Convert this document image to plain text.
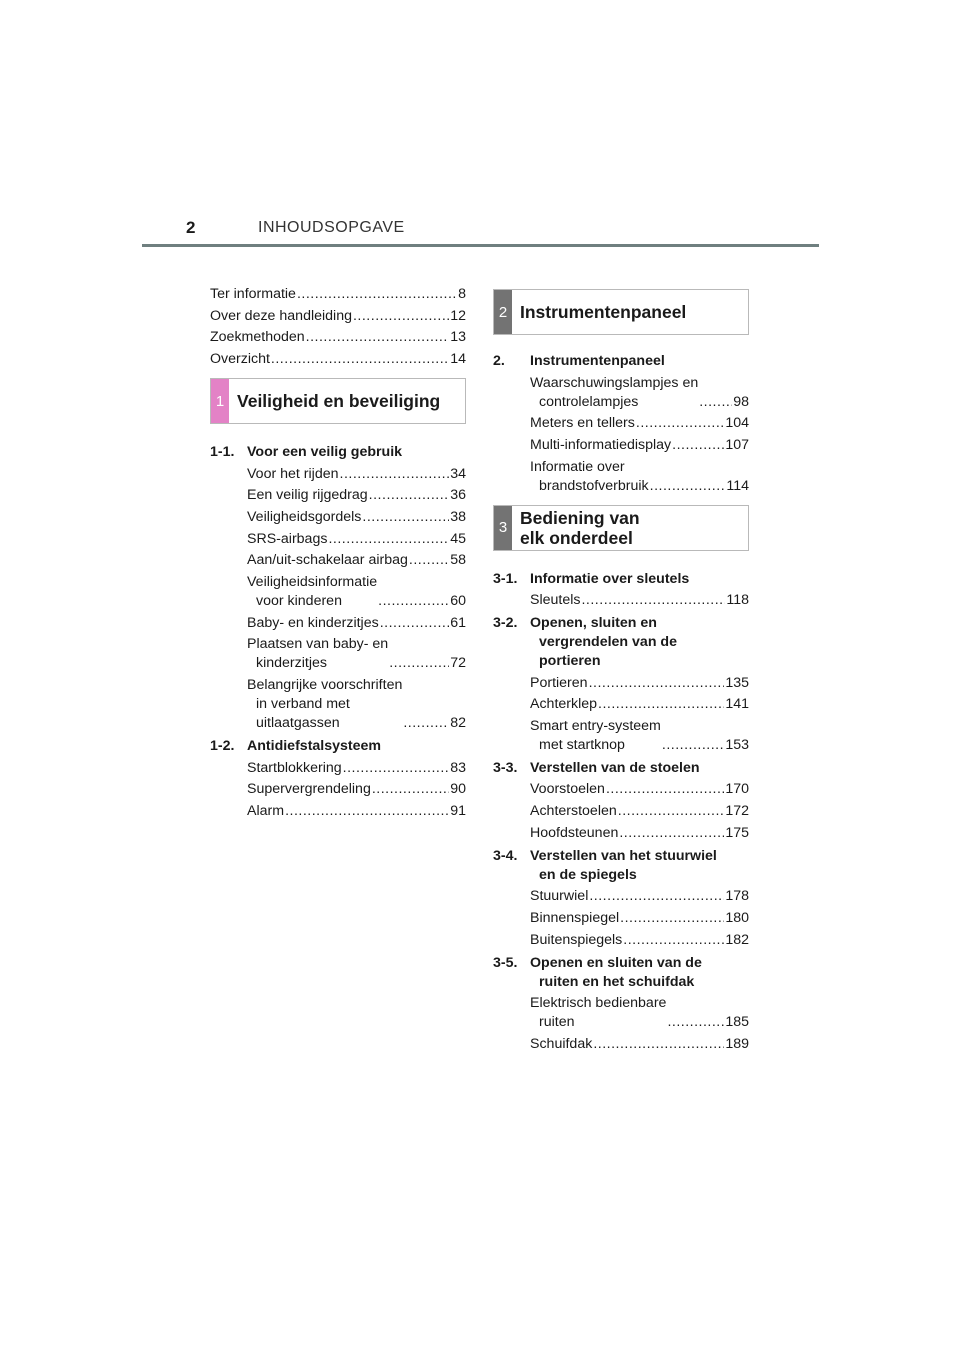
2	INHOUDSOPGAVE
Ter informatie .....	8
Over deze handleiding .....	12
Zoekmethoden .....	13
Overzicht .....	14
1 Veiligheid en beveiliging
1-1. Voor een veilig gebruik
Voor het rijden .....	34
Een veilig rijgedrag .....	36
Veiligheidsgordels .....	38
SRS-airbags .....	45
Aan/uit-schakelaar airbag .....	58
Veiligheidsinformatie
voor kinderen .....	60
Baby- en kinderzitjes .....	61
Plaatsen van baby- en
kinderzitjes .....	72
Belangrijke voorschriften
in verband met
uitlaatgassen .....	82
1-2. Antidiefstalsysteem
Startblokkering .....	83
Supervergrendeling .....	90
Alarm .....	91
2 Instrumentenpaneel
2.	Instrumentenpaneel
Waarschuwingslampjes en
controlelampjes .....	98
Meters en tellers .....	104
Multi-informatiedisplay .....	107
Informatie over
brandstofverbruik .....	114
3 Bediening van
elk onderdeel
3-1. Informatie over sleutels
Sleutels .....	118
3-2. Openen, sluiten en

vergrendelen van de
portieren
Portieren .....	135
Achterklep .....	141
Smart entry-systeem
met startknop .....	153
3-3. Verstellen van de stoelen
Voorstoelen .....	170
Achterstoelen .....	172
Hoofdsteunen .....	175
3-4. Verstellen van het stuurwiel

en de spiegels
Stuurwiel .....	178
Binnenspiegel .....	180
Buitenspiegels .....	182
3-5. Openen en sluiten van de

ruiten en het schuifdak
Elektrisch bedienbare
ruiten .....	185
Schuifdak .....	189
